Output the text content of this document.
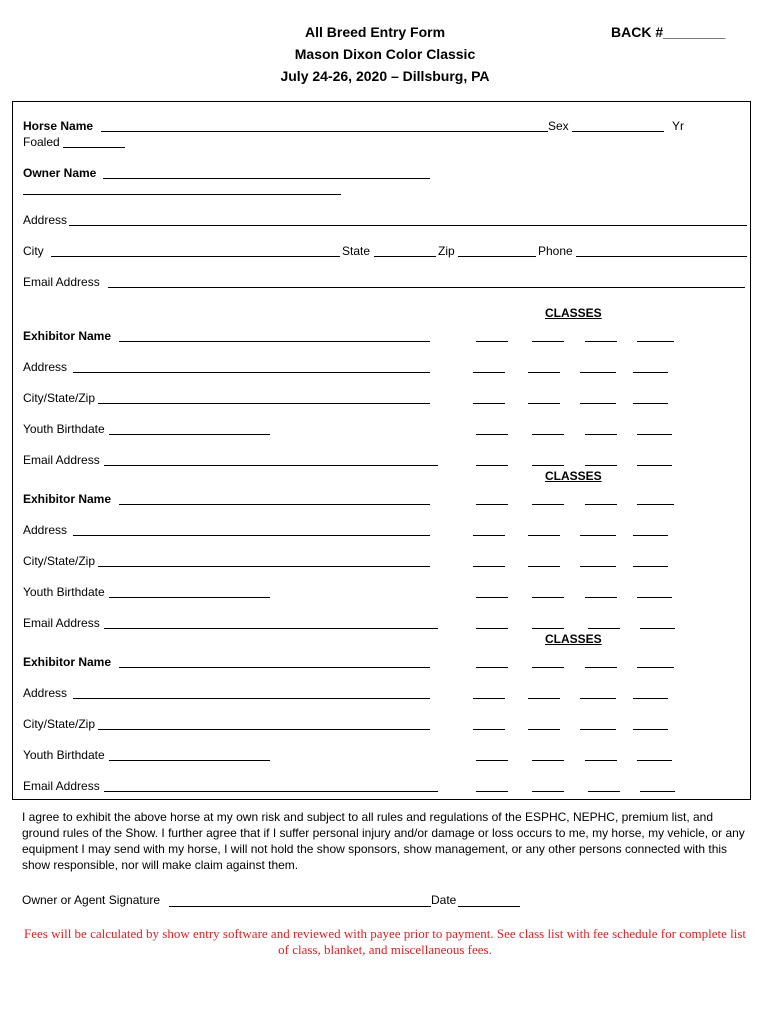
All Breed Entry Form
Mason Dixon Color Classic
July 24-26, 2020 – Dillsburg, PA
BACK #________
Horse Name	Sex	Yr
Foaled
Owner Name
Address
City	State	Zip	Phone
Email Address
CLASSES
Exhibitor Name
Address
City/State/Zip
Youth Birthdate
Email Address
CLASSES
Exhibitor Name
Address
City/State/Zip
Youth Birthdate
Email Address
CLASSES
Exhibitor Name
Address
City/State/Zip
Youth Birthdate
Email Address
I agree to exhibit the above horse at my own risk and subject to all rules and regulations of the ESPHC, NEPHC, premium list, and ground rules of the Show. I further agree that if I suffer personal injury and/or damage or loss occurs to me, my horse, my vehicle, or any equipment I may send with my horse, I will not hold the show sponsors, show management, or any other persons connected with this show responsible, nor will make claim against them.
Owner or Agent Signature	Date
Fees will be calculated by show entry software and reviewed with payee prior to payment. See class list with fee schedule for complete list of class, blanket, and miscellaneous fees.
